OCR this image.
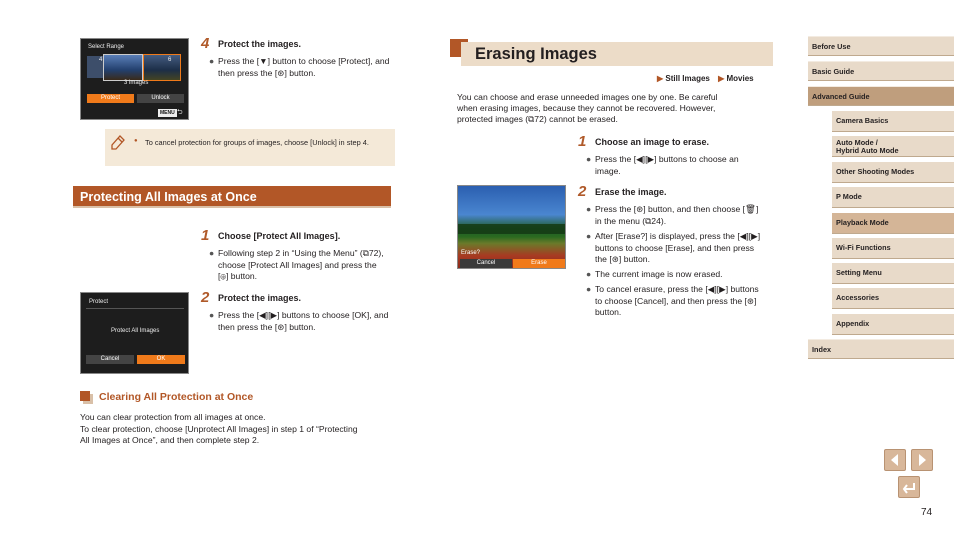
Select Range
4	6
3 images
Protect	Unlock
MENU ⮌
4 Protect the images.
● Press the [▼] button to choose [Protect], and then press the [⊛] button.
● To cancel protection for groups of images, choose [Unlock] in step 4.
Protecting All Images at Once
1 Choose [Protect All Images].
● Following step 2 in “Using the Menu” (⧉72), choose [Protect All Images] and press the [⊛] button.
Protect
Protect All Images
Cancel	OK
2 Protect the images.
● Press the [◀][▶] buttons to choose [OK], and then press the [⊛] button.
Clearing All Protection at Once
You can clear protection from all images at once.
To clear protection, choose [Unprotect All Images] in step 1 of “Protecting
All Images at Once”, and then complete step 2.
Erasing Images
▶ Still Images ▶ Movies
You can choose and erase unneeded images one by one. Be careful
when erasing images, because they cannot be recovered. However,
protected images (⧉72) cannot be erased.
1 Choose an image to erase.
● Press the [◀][▶] buttons to choose an image.
Erase?
Cancel	Erase
2 Erase the image.
● Press the [⊛] button, and then choose [🗑] in the menu (⧉24).
● After [Erase?] is displayed, press the [◀][▶] buttons to choose [Erase], and then press the [⊛] button.
● The current image is now erased.
● To cancel erasure, press the [◀][▶] buttons to choose [Cancel], and then press the [⊛] button.
Before Use
Basic Guide
Advanced Guide
Camera Basics
Auto Mode /
Hybrid Auto Mode
Other Shooting Modes
P Mode
Playback Mode
Wi-Fi Functions
Setting Menu
Accessories
Appendix
Index
74
